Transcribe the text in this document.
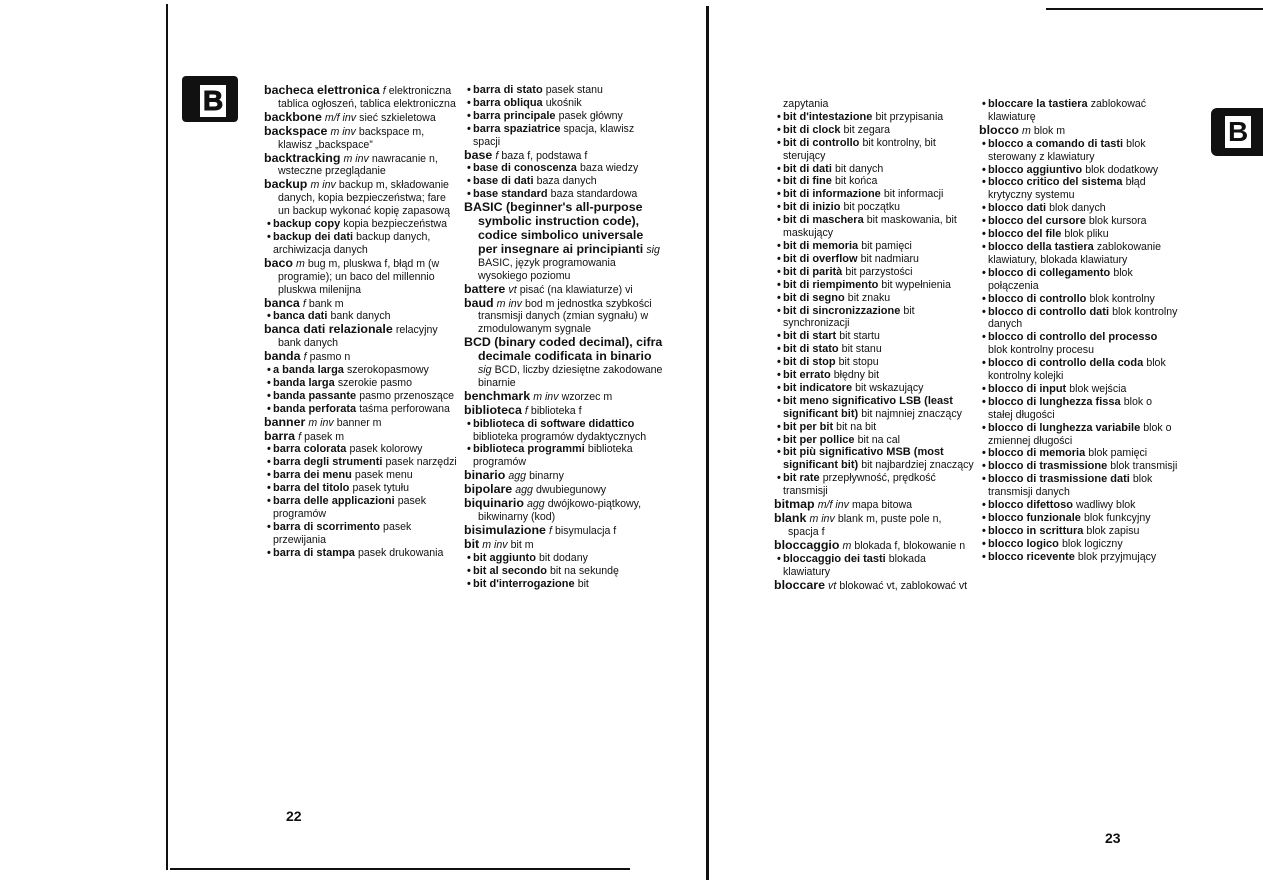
B	bacheca elettronica f elektroniczna tablica ogłoszeń, tablica elektroniczna
backbone m/f inv sieć szkieletowa
backspace m inv backspace m, klawisz „backspace”
backtracking m inv nawracanie n, wsteczne przeglądanie
backup m inv backup m, składowanie danych, kopia bezpieczeństwa; fare un backup wykonać kopię zapasową
• backup copy kopia bezpieczeństwa
• backup dei dati backup danych, archiwizacja danych
baco m bug m, pluskwa f, błąd m (w programie); un baco del millennio pluskwa milenijna
banca f bank m
• banca dati bank danych
banca dati relazionale relacyjny bank danych
banda f pasmo n
• a banda larga szerokopasmowy
• banda larga szerokie pasmo
• banda passante pasmo przenoszące
• banda perforata taśma perforowana
banner m inv banner m
barra f pasek m
• barra colorata pasek kolorowy
• barra degli strumenti pasek narzędzi
• barra dei menu pasek menu
• barra del titolo pasek tytułu
• barra delle applicazioni pasek programów
• barra di scorrimento pasek przewijania
• barra di stampa pasek drukowania
• barra di stato pasek stanu
• barra obliqua ukośnik
• barra principale pasek główny
• barra spaziatrice spacja, klawisz spacji
base f baza f, podstawa f
• base di conoscenza baza wiedzy
• base di dati baza danych
• base standard baza standardowa
BASIC (beginner's all-purpose symbolic instruction code), codice simbolico universale per insegnare ai principianti sig BASIC, język programowania wysokiego poziomu
battere vt pisać (na klawiaturze) vi
baud m inv bod m jednostka szybkości transmisji danych (zmian sygnału) w zmodulowanym sygnale
BCD (binary coded decimal), cifra decimale codificata in binario sig BCD, liczby dziesiętne zakodowane binarnie
benchmark m inv wzorzec m
biblioteca f biblioteka f
• biblioteca di software didattico biblioteka programów dydaktycznych
• biblioteca programmi biblioteka programów
binario agg binarny
bipolare agg dwubiegunowy
biquinario agg dwójkowo-piątkowy, bikwinarny (kod)
bisimulazione f bisymulacja f
bit m inv bit m
• bit aggiunto bit dodany
• bit al secondo bit na sekundę
• bit d'interrogazione bit
22
B
zapytania
• bit d'intestazione bit przypisania
• bit di clock bit zegara
• bit di controllo bit kontrolny, bit sterujący
• bit di dati bit danych
• bit di fine bit końca
• bit di informazione bit informacji
• bit di inizio bit początku
• bit di maschera bit maskowania, bit maskujący
• bit di memoria bit pamięci
• bit di overflow bit nadmiaru
• bit di parità bit parzystości
• bit di riempimento bit wypełnienia
• bit di segno bit znaku
• bit di sincronizzazione bit synchronizacji
• bit di start bit startu
• bit di stato bit stanu
• bit di stop bit stopu
• bit errato błędny bit
• bit indicatore bit wskazujący
• bit meno significativo LSB (least significant bit) bit najmniej znaczący
• bit per bit bit na bit
• bit per pollice bit na cal
• bit più significativo MSB (most significant bit) bit najbardziej znaczący
• bit rate przepływność, prędkość transmisji
bitmap m/f inv mapa bitowa
blank m inv blank m, puste pole n, spacja f
bloccaggio m blokada f, blokowanie n
• bloccaggio dei tasti blokada klawiatury
bloccare vt blokować vt, zablokować vt
• bloccare la tastiera zablokować klawiaturę
blocco m blok m
• blocco a comando di tasti blok sterowany z klawiatury
• blocco aggiuntivo blok dodatkowy
• blocco critico del sistema błąd krytyczny systemu
• blocco dati blok danych
• blocco del cursore blok kursora
• blocco del file blok pliku
• blocco della tastiera zablokowanie klawiatury, blokada klawiatury
• blocco di collegamento blok połączenia
• blocco di controllo blok kontrolny
• blocco di controllo dati blok kontrolny danych
• blocco di controllo del processo blok kontrolny procesu
• blocco di controllo della coda blok kontrolny kolejki
• blocco di input blok wejścia
• blocco di lunghezza fissa blok o stałej długości
• blocco di lunghezza variabile blok o zmiennej długości
• blocco di memoria blok pamięci
• blocco di trasmissione blok transmisji
• blocco di trasmissione dati blok transmisji danych
• blocco difettoso wadliwy blok
• blocco funzionale blok funkcyjny
• blocco in scrittura blok zapisu
• blocco logico blok logiczny
• blocco ricevente blok przyjmujący
23
